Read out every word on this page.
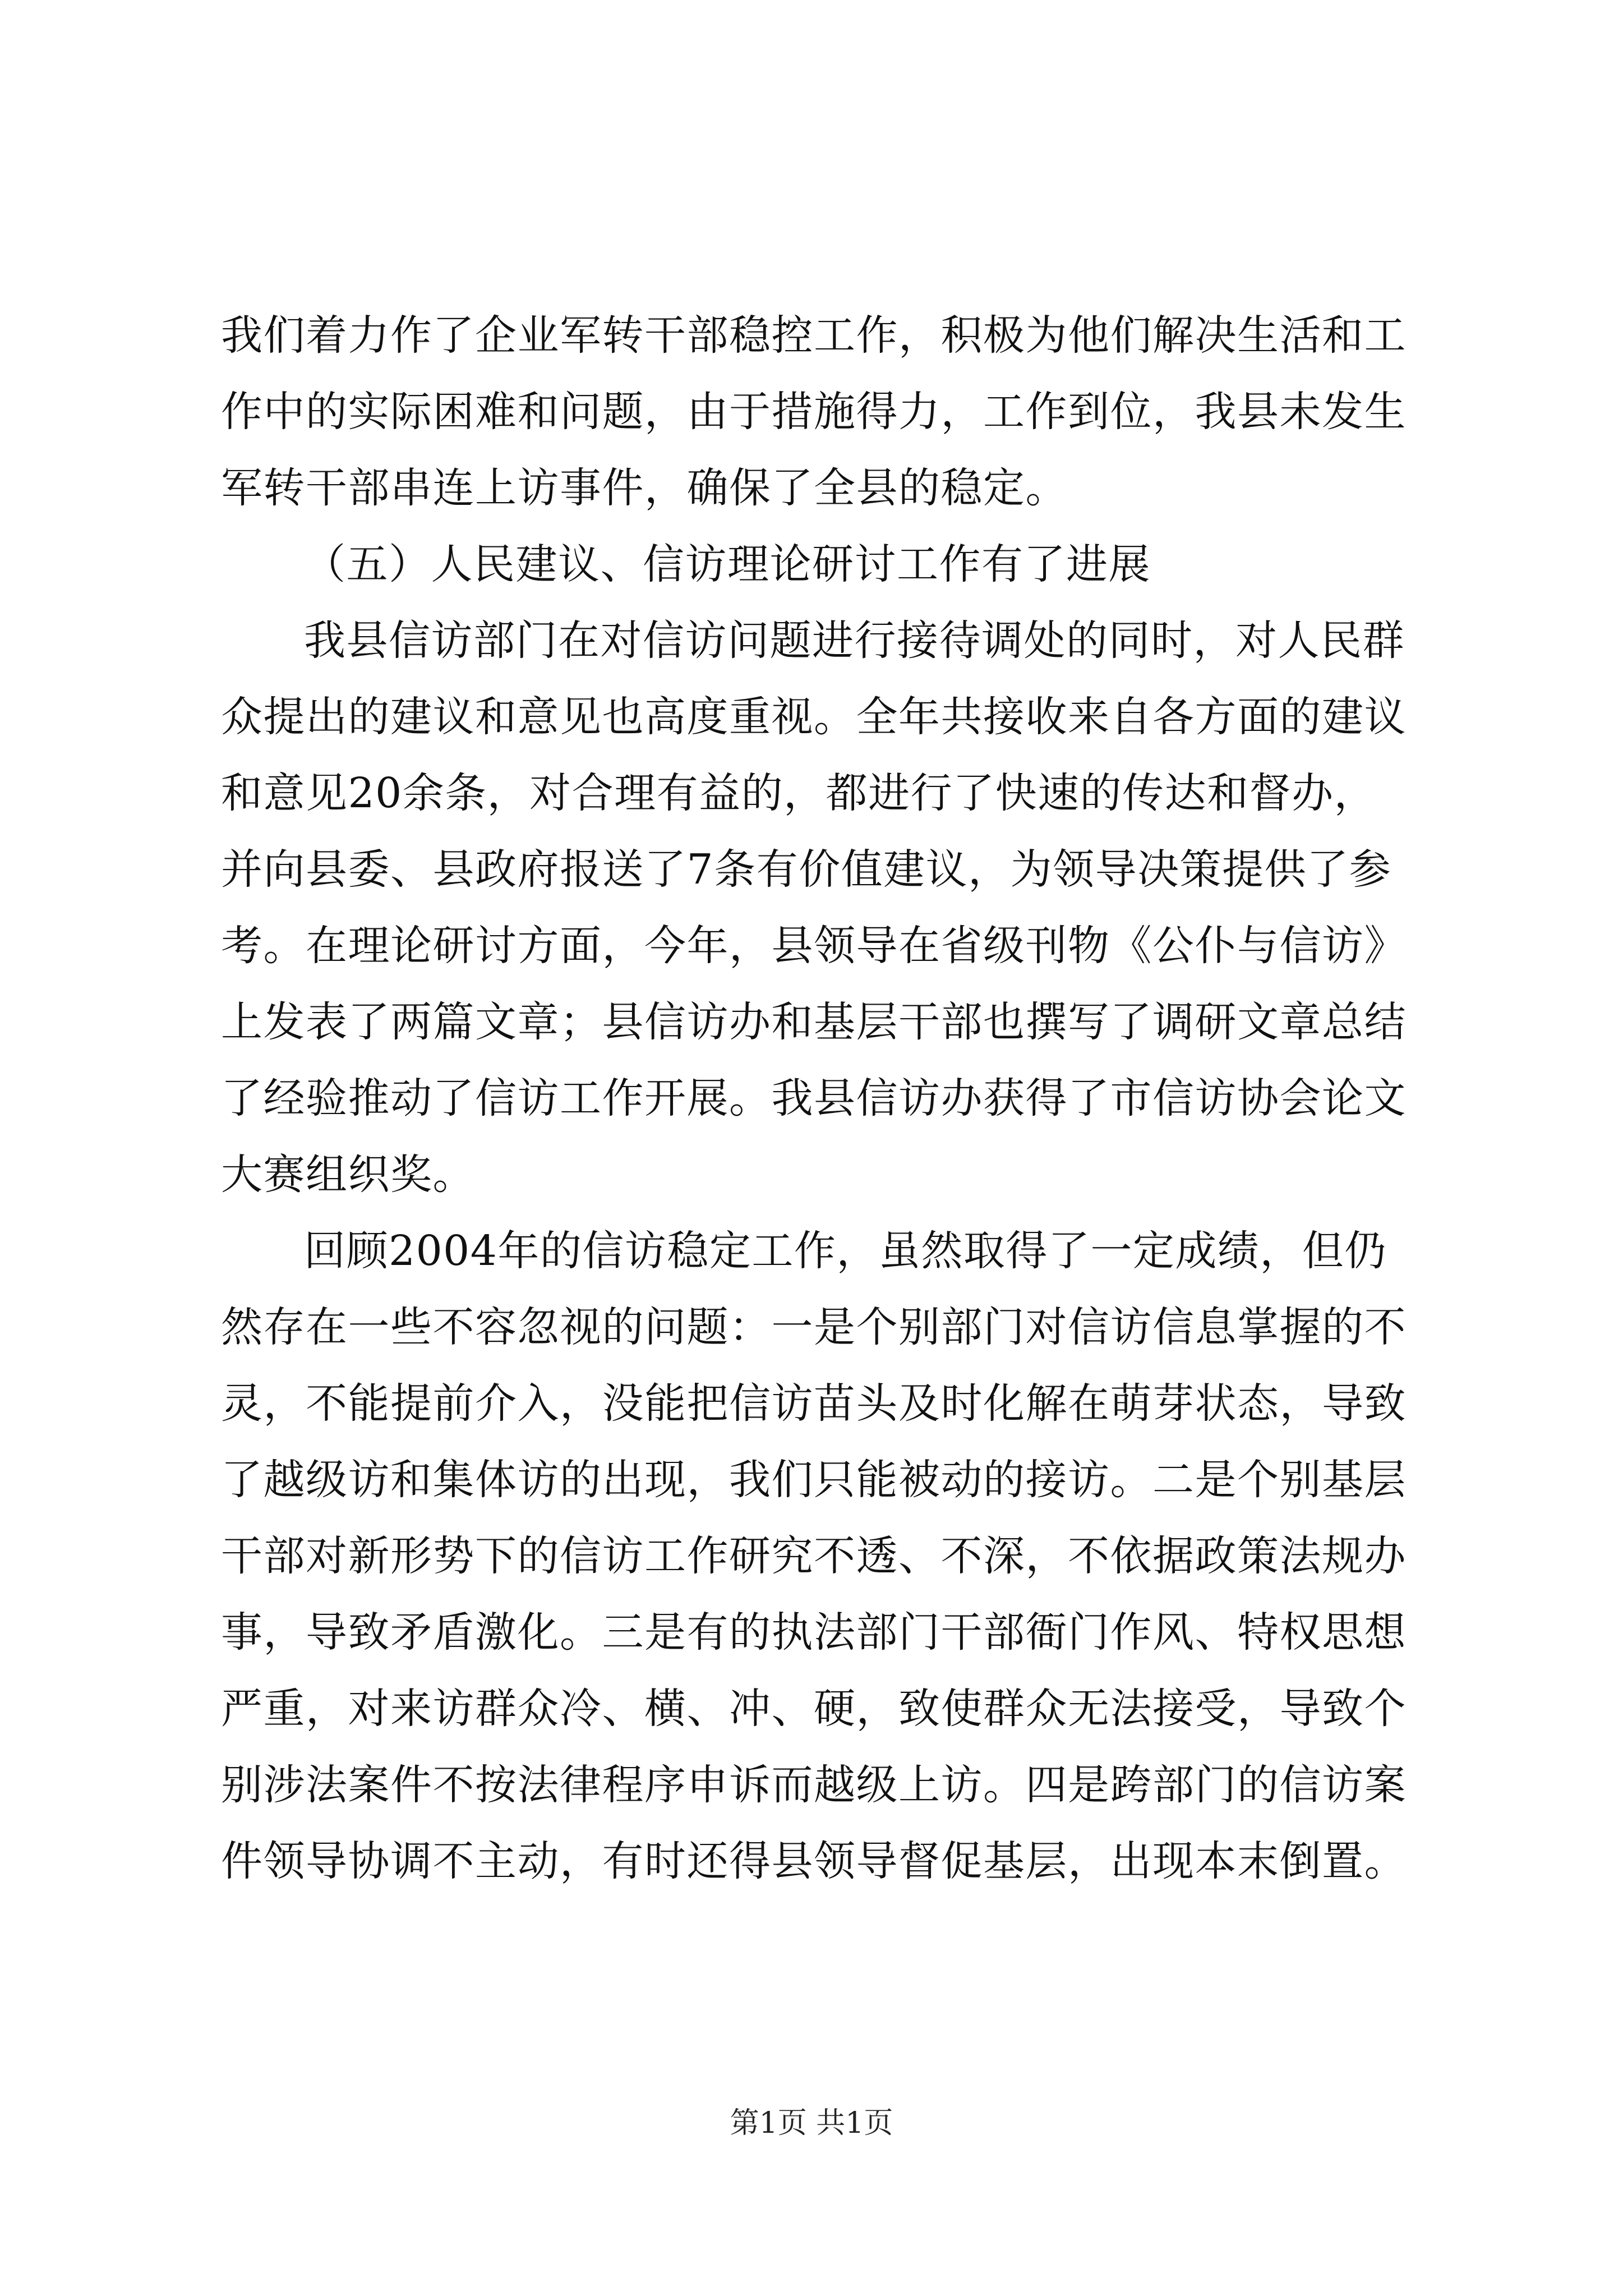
我们着力作了企业军转干部稳控工作，积极为他们解决生活和工
作中的实际困难和问题，由于措施得力，工作到位，我县未发生
军转干部串连上访事件，确保了全县的稳定。
（五）人民建议、信访理论研讨工作有了进展
我县信访部门在对信访问题进行接待调处的同时，对人民群
众提出的建议和意见也高度重视。全年共接收来自各方面的建议
和意见20余条，对合理有益的，都进行了快速的传达和督办，
并向县委、县政府报送了7条有价值建议，为领导决策提供了参
考。在理论研讨方面，今年，县领导在省级刊物《公仆与信访》
上发表了两篇文章；县信访办和基层干部也撰写了调研文章总结
了经验推动了信访工作开展。我县信访办获得了市信访协会论文
大赛组织奖。
回顾2004年的信访稳定工作，虽然取得了一定成绩，但仍
然存在一些不容忽视的问题：一是个别部门对信访信息掌握的不
灵，不能提前介入，没能把信访苗头及时化解在萌芽状态，导致
了越级访和集体访的出现，我们只能被动的接访。二是个别基层
干部对新形势下的信访工作研究不透、不深，不依据政策法规办
事，导致矛盾激化。三是有的执法部门干部衙门作风、特权思想
严重，对来访群众冷、横、冲、硬，致使群众无法接受，导致个
别涉法案件不按法律程序申诉而越级上访。四是跨部门的信访案
件领导协调不主动，有时还得县领导督促基层，出现本末倒置。
第1页 共1页
